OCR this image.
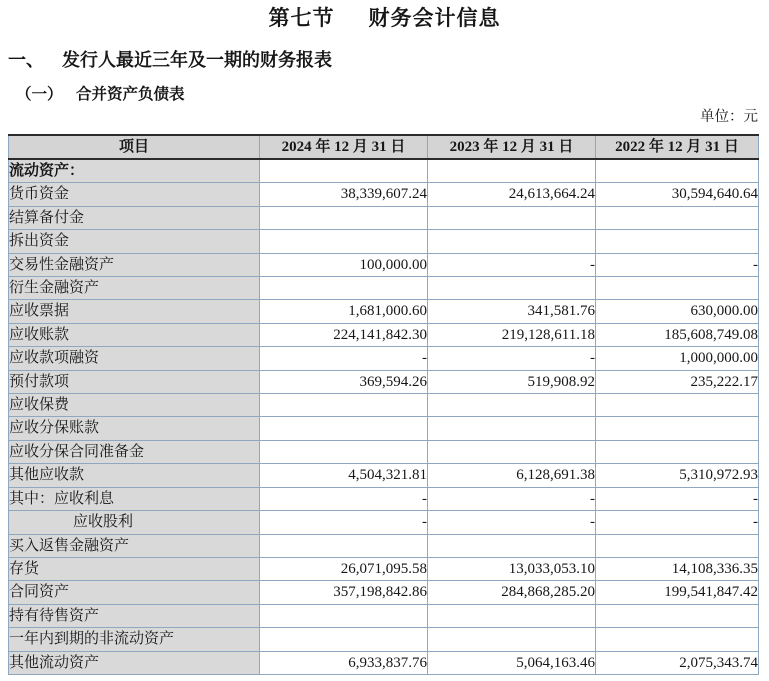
第七节 财务会计信息
一、 发行人最近三年及一期的财务报表
（一） 合并资产负债表
单位：元
项目	2024 年 12 月 31 日	2023 年 12 月 31 日	2022 年 12 月 31 日
流动资产：			
货币资金	38,339,607.24	24,613,664.24	30,594,640.64
结算备付金			
拆出资金			
交易性金融资产	100,000.00	-	-
衍生金融资产			
应收票据	1,681,000.60	341,581.76	630,000.00
应收账款	224,141,842.30	219,128,611.18	185,608,749.08
应收款项融资	-	-	1,000,000.00
预付款项	369,594.26	519,908.92	235,222.17
应收保费			
应收分保账款			
应收分保合同准备金			
其他应收款	4,504,321.81	6,128,691.38	5,310,972.93
其中：应收利息	-	-	-
应收股利	-	-	-
买入返售金融资产			
存货	26,071,095.58	13,033,053.10	14,108,336.35
合同资产	357,198,842.86	284,868,285.20	199,541,847.42
持有待售资产			
一年内到期的非流动资产			
其他流动资产	6,933,837.76	5,064,163.46	2,075,343.74
